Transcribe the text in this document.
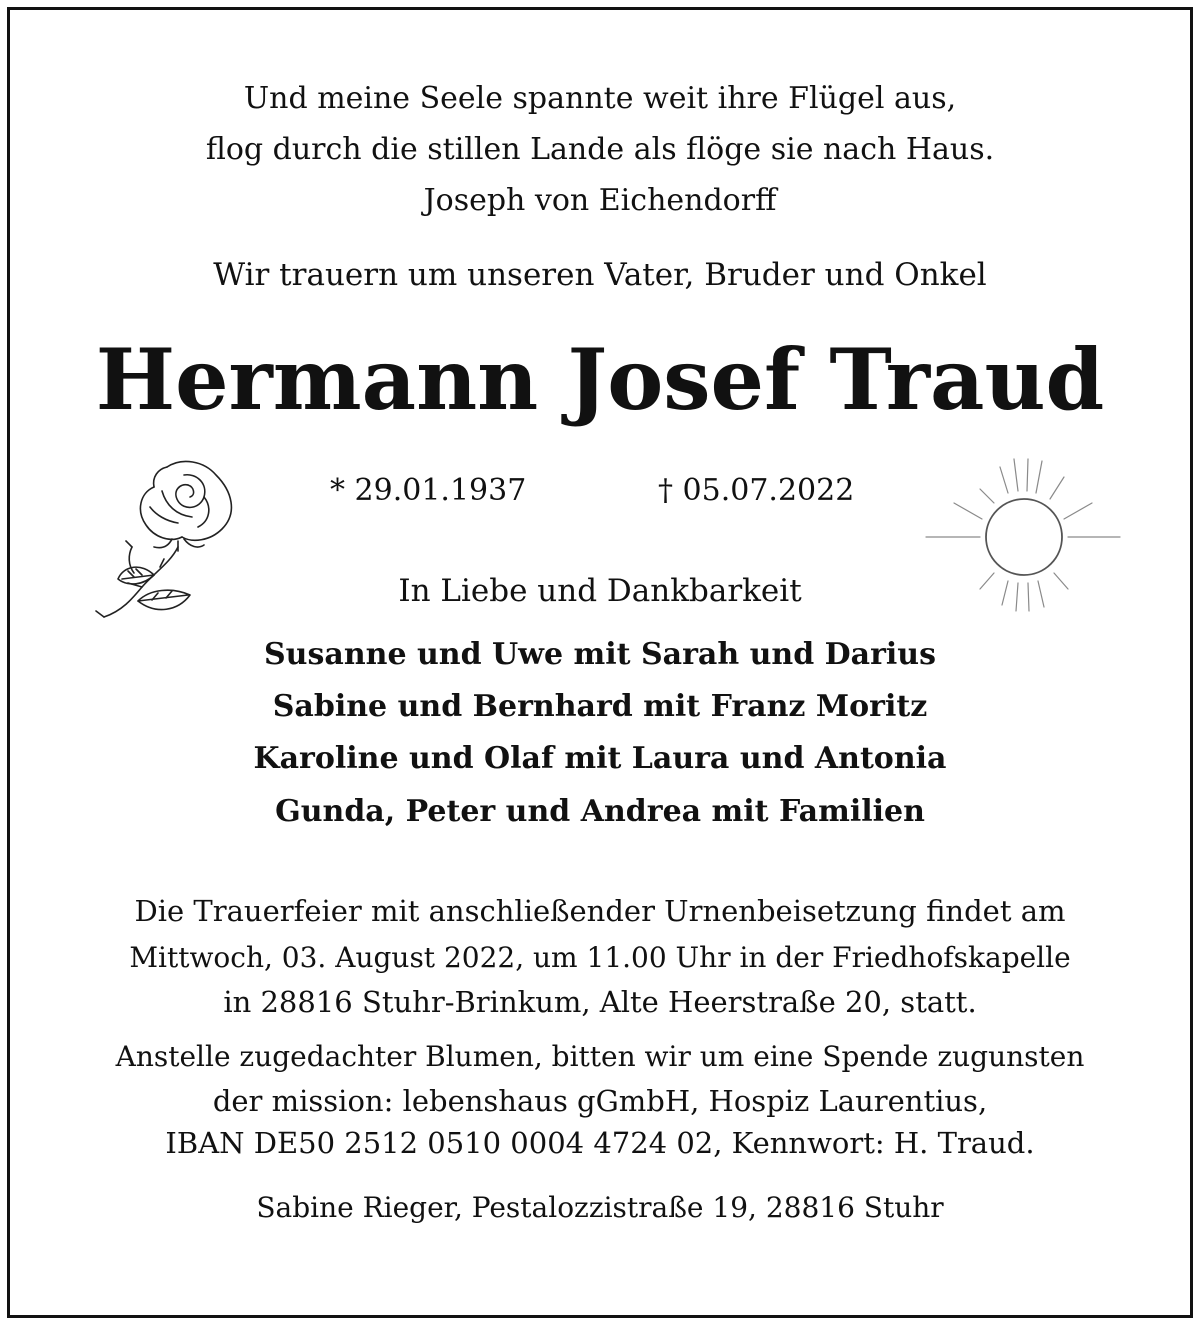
Und meine Seele spannte weit ihre Flügel aus,
flog durch die stillen Lande als flöge sie nach Haus.
Joseph von Eichendorff
Wir trauern um unseren Vater, Bruder und Onkel
Hermann Josef Traud
* 29.01.1937	† 05.07.2022
In Liebe und Dankbarkeit
Susanne und Uwe mit Sarah und Darius
Sabine und Bernhard mit Franz Moritz
Karoline und Olaf mit Laura und Antonia
Gunda, Peter und Andrea mit Familien
Die Trauerfeier mit anschließender Urnenbeisetzung findet am
Mittwoch, 03. August 2022, um 11.00 Uhr in der Friedhofskapelle
in 28816 Stuhr-Brinkum, Alte Heerstraße 20, statt.
Anstelle zugedachter Blumen, bitten wir um eine Spende zugunsten
der mission: lebenshaus gGmbH, Hospiz Laurentius,
IBAN DE50 2512 0510 0004 4724 02, Kennwort: H. Traud.
Sabine Rieger, Pestalozzistraße 19, 28816 Stuhr
